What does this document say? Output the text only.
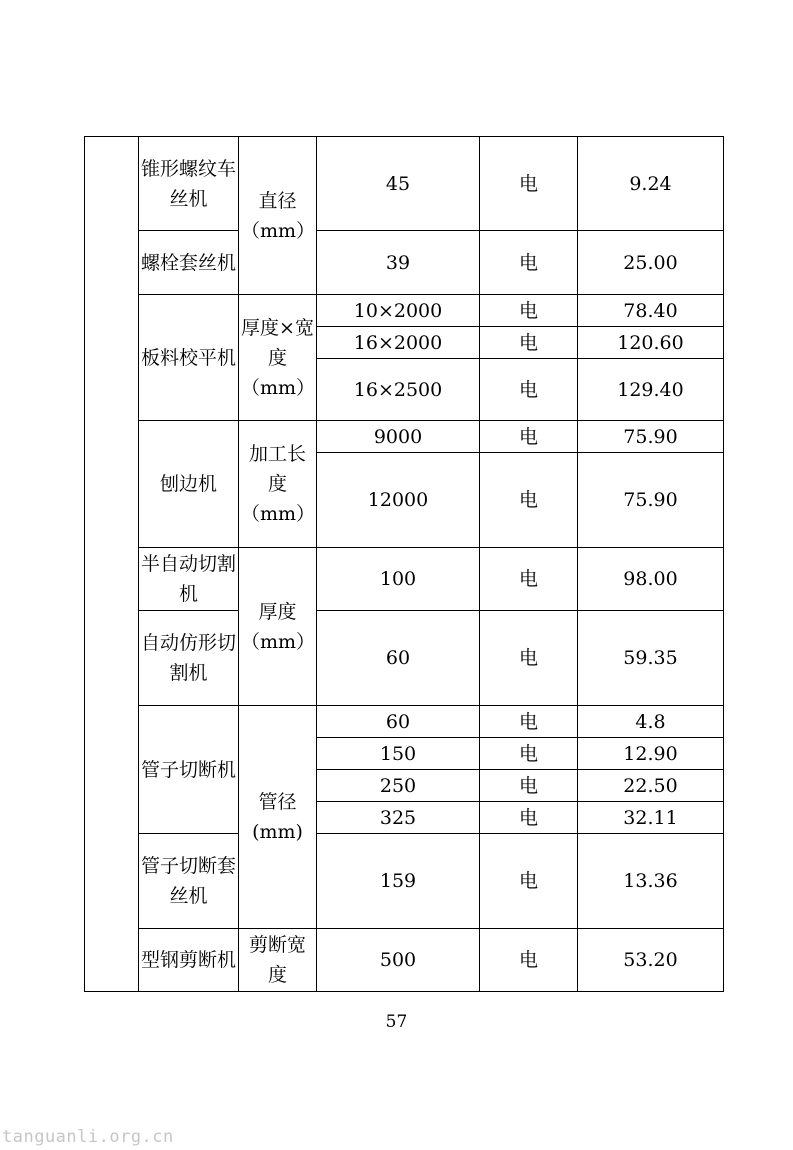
	锥形螺纹车丝机	直径（mm）	45	电	9.24
	螺栓套丝机		39	电	25.00
	板料校平机	厚度×宽度（mm）	10×2000	电	78.40
			16×2000	电	120.60
			16×2500	电	129.40
	刨边机	加工长度（mm）	9000	电	75.90
			12000	电	75.90
	半自动切割机	厚度（mm）	100	电	98.00
	自动仿形切割机		60	电	59.35
	管子切断机	管径(mm)	60	电	4.8
			150	电	12.90
			250	电	22.50
			325	电	32.11
	管子切断套丝机		159	电	13.36
	型钢剪断机	剪断宽度	500	电	53.20
57
tanguanli.org.cn
